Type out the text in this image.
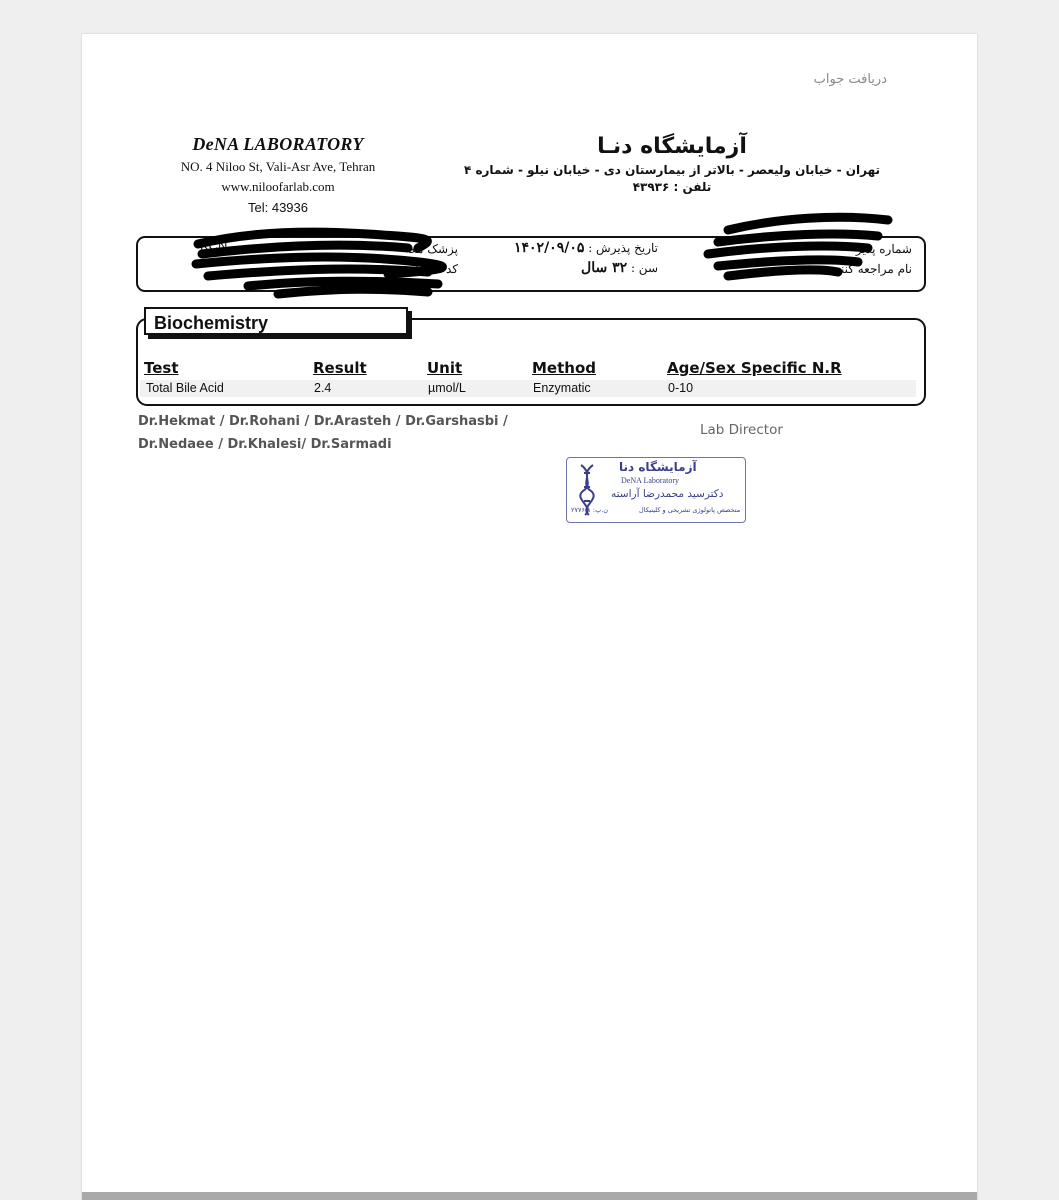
دریافت جواب
DeNA LABORATORY
NO. 4 Niloo St, Vali-Asr Ave, Tehran
www.niloofarlab.com
Tel: 43936
آزمایشگاه دنـا
تهران - خیابان ولیعصر - بالاتر از بیمارستان دی - خیابان نیلو - شماره ۴
تلفن : ۴۳۹۳۶
شماره پذیر
نام مراجعه کنند
تاریخ پذیرش : ۱۴۰۲/۰۹/۰۵
سن : ۳۲ سال
پزشک معا
کد اشترا
KCN
Biochemistry
Test	Result	Unit	Method	Age/Sex Specific N.R
Total Bile Acid	2.4	µmol/L	Enzymatic	0-10
Dr.Hekmat / Dr.Rohani / Dr.Arasteh / Dr.Garshasbi /
Dr.Nedaee / Dr.Khalesi/ Dr.Sarmadi
Lab Director
آزمایشگاه دنا
DeNA Laboratory
دکترسید محمدرضا آراسته
متخصص پاتولوژی تشریحی و کلینیکال
ن.پ: ۱-۲۷۷۶
